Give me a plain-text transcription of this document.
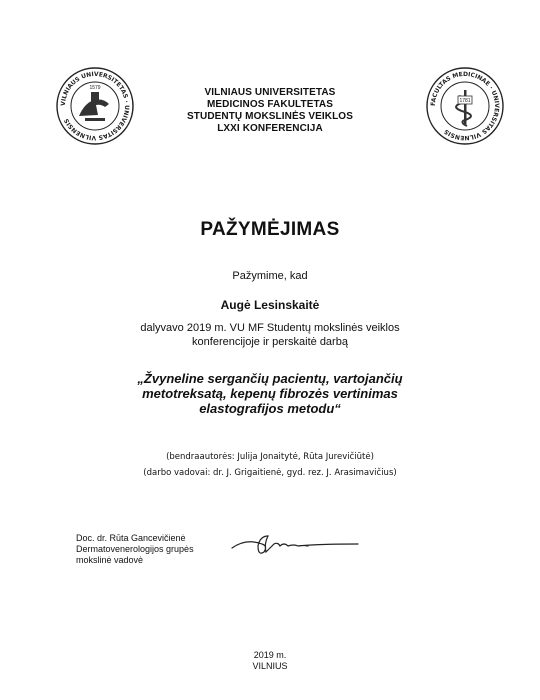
VILNIAUS UNIVERSITETAS · UNIVERSITAS VILNENSIS
1579	VILNIAUS UNIVERSITETAS
MEDICINOS FAKULTETAS
STUDENTŲ MOKSLINĖS VEIKLOS
LXXI KONFERENCIJA
FACULTAS MEDICINAE · UNIVERSITAS VILNENSIS
1781
PAŽYMĖJIMAS
Pažymime, kad
Augė Lesinskaitė
dalyvavo 2019 m. VU MF Studentų mokslinės veiklos
konferencijoje ir perskaitė darbą
„Žvyneline sergančių pacientų, vartojančių
metotreksatą, kepenų fibrozės vertinimas
elastografijos metodu“
(bendraautorės: Julija Jonaitytė, Rūta Jurevičiūtė)
(darbo vadovai: dr. J. Grigaitienė, gyd. rez. J. Arasimavičius)
Doc. dr. Rūta Gancevičienė
Dermatovenerologijos grupės
mokslinė vadovė
2019 m.
VILNIUS
